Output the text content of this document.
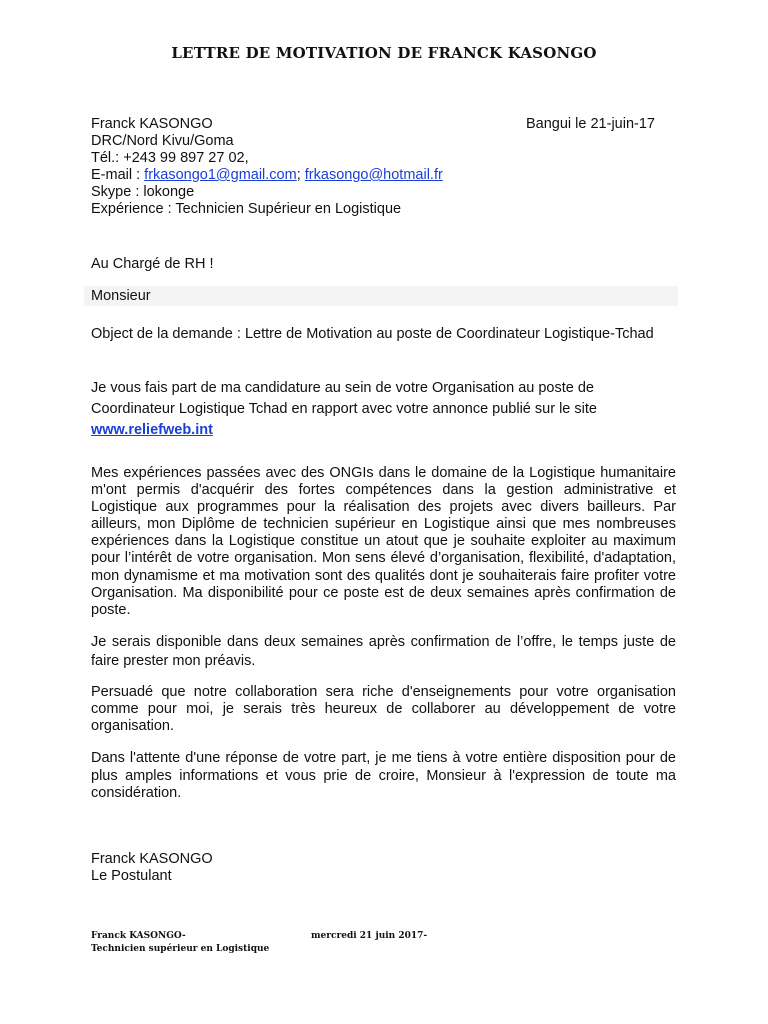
LETTRE DE MOTIVATION DE FRANCK KASONGO
Franck KASONGO
DRC/Nord Kivu/Goma
Tél.: +243 99 897 27 02,
E-mail : frkasongo1@gmail.com; frkasongo@hotmail.fr
Skype : lokonge
Expérience : Technicien Supérieur en Logistique
Bangui le 21-juin-17
Au Chargé de RH !
Monsieur
Object de la demande : Lettre de Motivation au poste de Coordinateur Logistique-Tchad
Je vous fais part de ma candidature au sein de votre Organisation au poste de
Coordinateur Logistique Tchad en rapport avec votre annonce publié sur le site
www.reliefweb.int
Mes expériences passées avec des ONGIs dans le domaine de la Logistique humanitaire m'ont permis d'acquérir des fortes compétences dans la gestion administrative et Logistique aux programmes pour la réalisation des projets avec divers bailleurs. Par ailleurs, mon Diplôme de technicien supérieur en Logistique ainsi que mes nombreuses expériences dans la Logistique constitue un atout que je souhaite exploiter au maximum pour l’intérêt de votre organisation. Mon sens élevé d’organisation, flexibilité, d'adaptation, mon dynamisme et ma motivation sont des qualités dont je souhaiterais faire profiter votre Organisation. Ma disponibilité pour ce poste est de deux semaines après confirmation de poste.
Je serais disponible dans deux semaines après confirmation de l’offre, le temps juste de faire prester mon préavis.
Persuadé que notre collaboration sera riche d'enseignements pour votre organisation comme pour moi, je serais très heureux de collaborer au développement de votre organisation.
Dans l'attente d'une réponse de votre part, je me tiens à votre entière disposition pour de plus amples informations et vous prie de croire, Monsieur à l'expression de toute ma considération.
Franck KASONGO
Le Postulant
Franck KASONGO-
Technicien supérieur en Logistique
mercredi 21 juin 2017-
